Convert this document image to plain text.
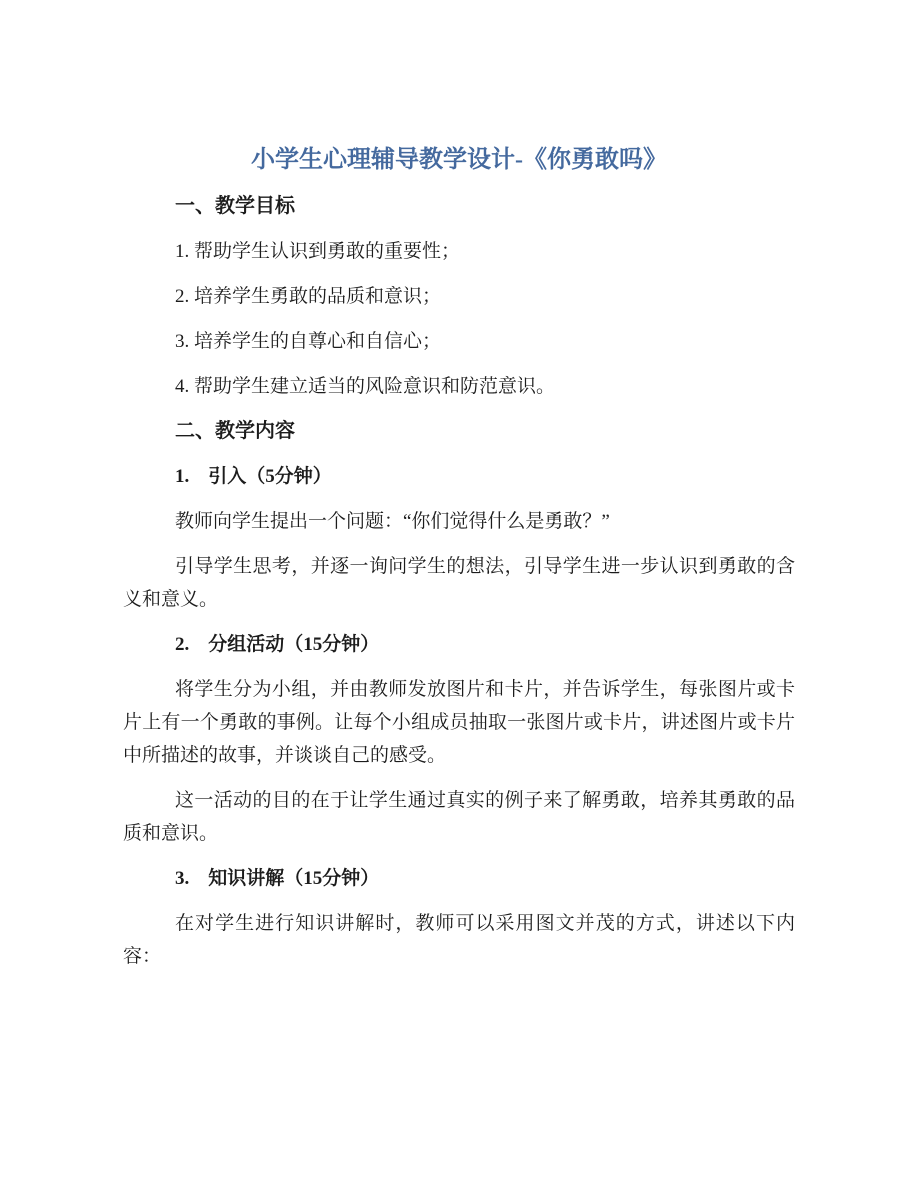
小学生心理辅导教学设计-《你勇敢吗》
一、教学目标
1. 帮助学生认识到勇敢的重要性；
2. 培养学生勇敢的品质和意识；
3. 培养学生的自尊心和自信心；
4. 帮助学生建立适当的风险意识和防范意识。
二、教学内容
1.　引入（5分钟）
教师向学生提出一个问题：“你们觉得什么是勇敢？”
引导学生思考，并逐一询问学生的想法，引导学生进一步认识到勇敢的含义和意义。
2.　分组活动（15分钟）
将学生分为小组，并由教师发放图片和卡片，并告诉学生，每张图片或卡片上有一个勇敢的事例。让每个小组成员抽取一张图片或卡片，讲述图片或卡片中所描述的故事，并谈谈自己的感受。
这一活动的目的在于让学生通过真实的例子来了解勇敢，培养其勇敢的品质和意识。
3.　知识讲解（15分钟）
在对学生进行知识讲解时，教师可以采用图文并茂的方式，讲述以下内容：
